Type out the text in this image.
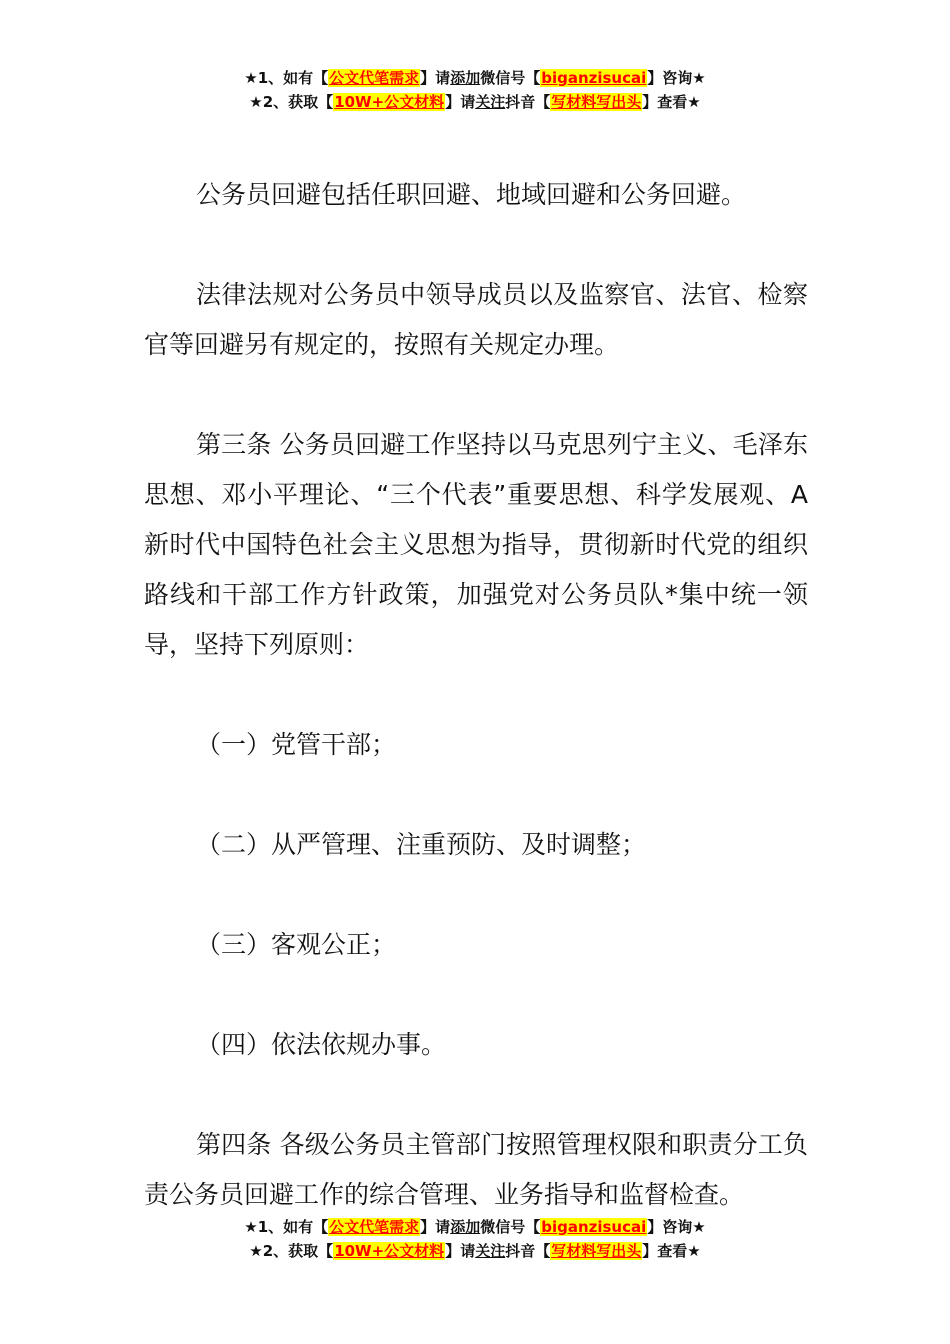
★1、如有【公文代笔需求】请添加微信号【biganzisucai】咨询★
★2、获取【10W+公文材料】请关注抖音【写材料写出头】查看★

公务员回避包括任职回避、地域回避和公务回避。

法律法规对公务员中领导成员以及监察官、法官、检察官等回避另有规定的，按照有关规定办理。

第三条 公务员回避工作坚持以马克思列宁主义、毛泽东思想、邓小平理论、“三个代表”重要思想、科学发展观、A新时代中国特色社会主义思想为指导，贯彻新时代党的组织路线和干部工作方针政策，加强党对公务员队*集中统一领导，坚持下列原则：

（一）党管干部；

（二）从严管理、注重预防、及时调整；

（三）客观公正；

（四）依法依规办事。

第四条 各级公务员主管部门按照管理权限和职责分工负责公务员回避工作的综合管理、业务指导和监督检查。

★1、如有【公文代笔需求】请添加微信号【biganzisucai】咨询★
★2、获取【10W+公文材料】请关注抖音【写材料写出头】查看★
